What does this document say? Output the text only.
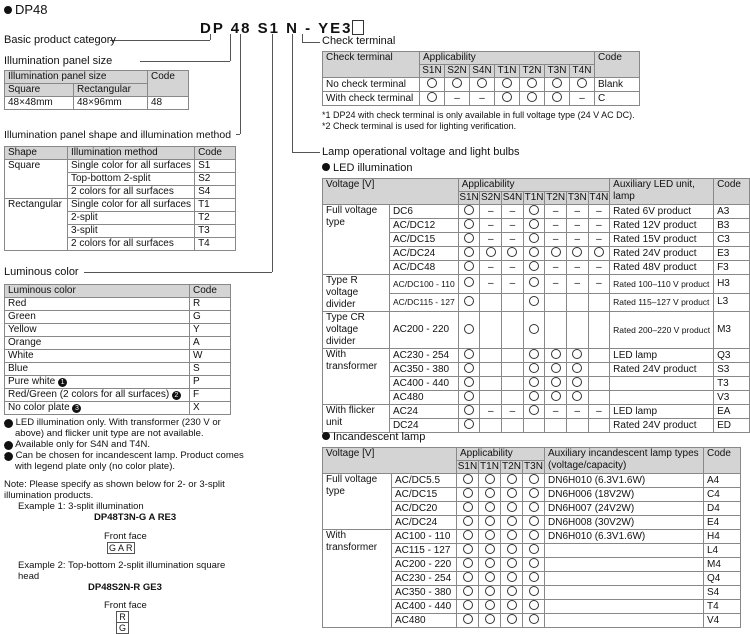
DP48
DP 48 S1 N - YE3
Basic product category
Illumination panel size
Illumination panel size		Code
Square	Rectangular	
48×48mm	48×96mm	48
Illumination panel shape and illumination method
Shape	Illumination method	Code
Square	Single color for all surfaces	S1
	Top-bottom 2-split	S2
	2 colors for all surfaces	S4
Rectangular	Single color for all surfaces	T1
	2-split	T2
	3-split	T3
	2 colors for all surfaces	T4
Luminous color
Luminous color	Code
Red	R
Green	G
Yellow	Y
Orange	A
White	W
Blue	S
Pure white 1	P
Red/Green (2 colors for all surfaces) 2	F
No color plate 3	X
1 LED illumination only. With transformer (230 V or above) and flicker unit type are not available.
2 Available only for S4N and T4N.
3 Can be chosen for incandescent lamp. Product comes with legend plate only (no color plate).
Note: Please specify as shown below for 2- or 3-split illumination products.
Example 1: 3-split illumination
DP48T3N-G A RE3
Front face
G A R
Example 2: Top-bottom 2-split illumination square head
DP48S2N-R GE3
Front face
R
G
Check terminal
Check terminal	Applicability							Code
	S1N	S2N	S4N	T1N	T2N	T3N	T4N	
No check terminal								Blank
With check terminal		–	–				–	C
*1 DP24 with check terminal is only available in full voltage type (24 V AC DC).
*2 Check terminal is used for lighting verification.
Lamp operational voltage and light bulbs
LED illumination
Voltage [V]		Applicability							Auxiliary LED unit, lamp	Code
		S1N	S2N	S4N	T1N	T2N	T3N	T4N		
Full voltage type	DC6		–	–		–	–	–	Rated 6V product	A3
	AC/DC12		–	–		–	–	–	Rated 12V product	B3
	AC/DC15		–	–		–	–	–	Rated 15V product	C3
	AC/DC24								Rated 24V product	E3
	AC/DC48		–	–		–	–	–	Rated 48V product	F3
Type R voltage divider	AC/DC100 - 110		–	–		–	–	–	Rated 100–110 V product	H3
	AC/DC115 - 127								Rated 115–127 V product	L3
Type CR voltage divider	AC200 - 220								Rated 200–220 V product	M3
With transformer	AC230 - 254								LED lamp	Q3
	AC350 - 380								Rated 24V product	S3
	AC400 - 440									T3
	AC480									V3
With flicker unit	AC24		–	–		–	–	–	LED lamp	EA
	DC24								Rated 24V product	ED
Incandescent lamp
Voltage [V]		Applicability				Auxiliary incandescent lamp types (voltage/capacity)	Code
		S1N	T1N	T2N	T3N		
Full voltage type	AC/DC5.5					DN6H010 (6.3V1.6W)	A4
	AC/DC15					DN6H006 (18V2W)	C4
	AC/DC20					DN6H007 (24V2W)	D4
	AC/DC24					DN6H008 (30V2W)	E4
With transformer	AC100 - 110					DN6H010 (6.3V1.6W)	H4
	AC115 - 127						L4
	AC200 - 220						M4
	AC230 - 254						Q4
	AC350 - 380						S4
	AC400 - 440						T4
	AC480						V4
